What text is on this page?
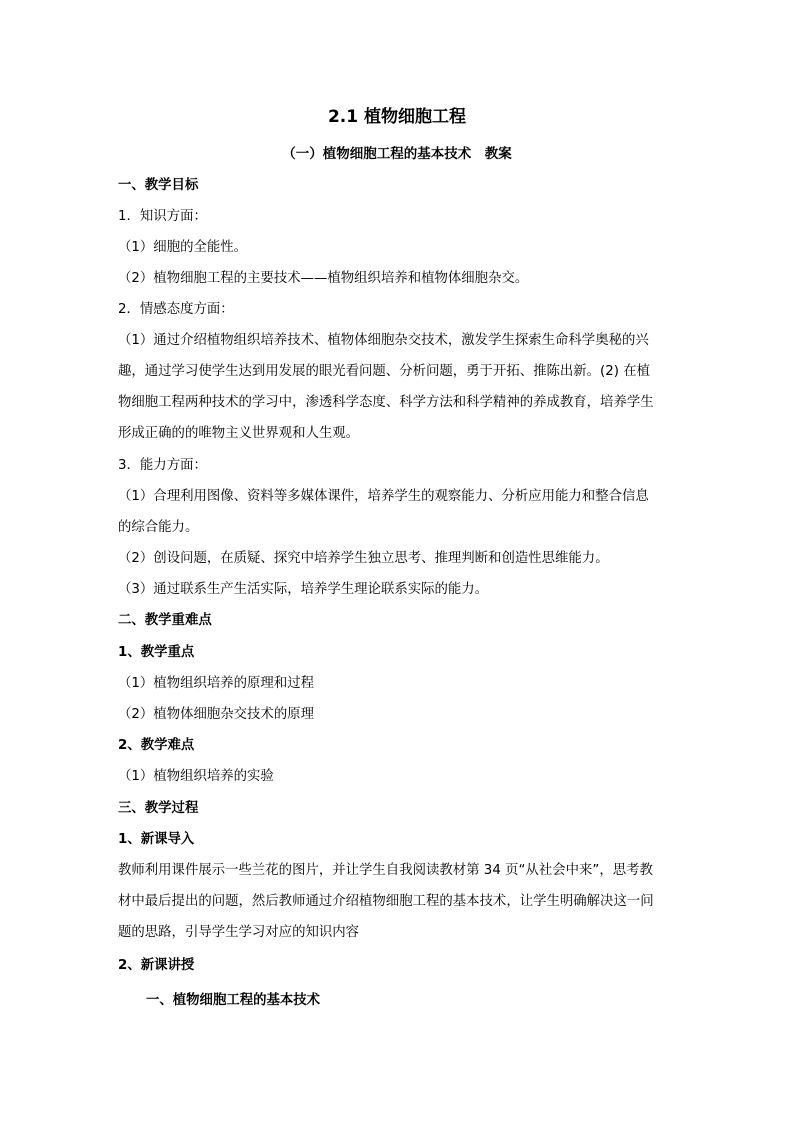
2.1 植物细胞工程
（一）植物细胞工程的基本技术　教案
一、教学目标
1．知识方面：
（1）细胞的全能性。
（2）植物细胞工程的主要技术——植物组织培养和植物体细胞杂交。
2．情感态度方面：
（1）通过介绍植物组织培养技术、植物体细胞杂交技术，激发学生探索生命科学奥秘的兴
趣，通过学习使学生达到用发展的眼光看问题、分析问题，勇于开拓、推陈出新。(2) 在植
物细胞工程两种技术的学习中，渗透科学态度、科学方法和科学精神的养成教育，培养学生
形成正确的的唯物主义世界观和人生观。
3．能力方面：
（1）合理利用图像、资料等多媒体课件，培养学生的观察能力、分析应用能力和整合信息
的综合能力。
（2）创设问题，在质疑、探究中培养学生独立思考、推理判断和创造性思维能力。
（3）通过联系生产生活实际，培养学生理论联系实际的能力。
二、教学重难点
1、教学重点
（1）植物组织培养的原理和过程
（2）植物体细胞杂交技术的原理
2、教学难点
（1）植物组织培养的实验
三、教学过程
1、新课导入
教师利用课件展示一些兰花的图片，并让学生自我阅读教材第 34 页“从社会中来”，思考教
材中最后提出的问题，然后教师通过介绍植物细胞工程的基本技术，让学生明确解决这一问
题的思路，引导学生学习对应的知识内容
2、新课讲授
一、植物细胞工程的基本技术
